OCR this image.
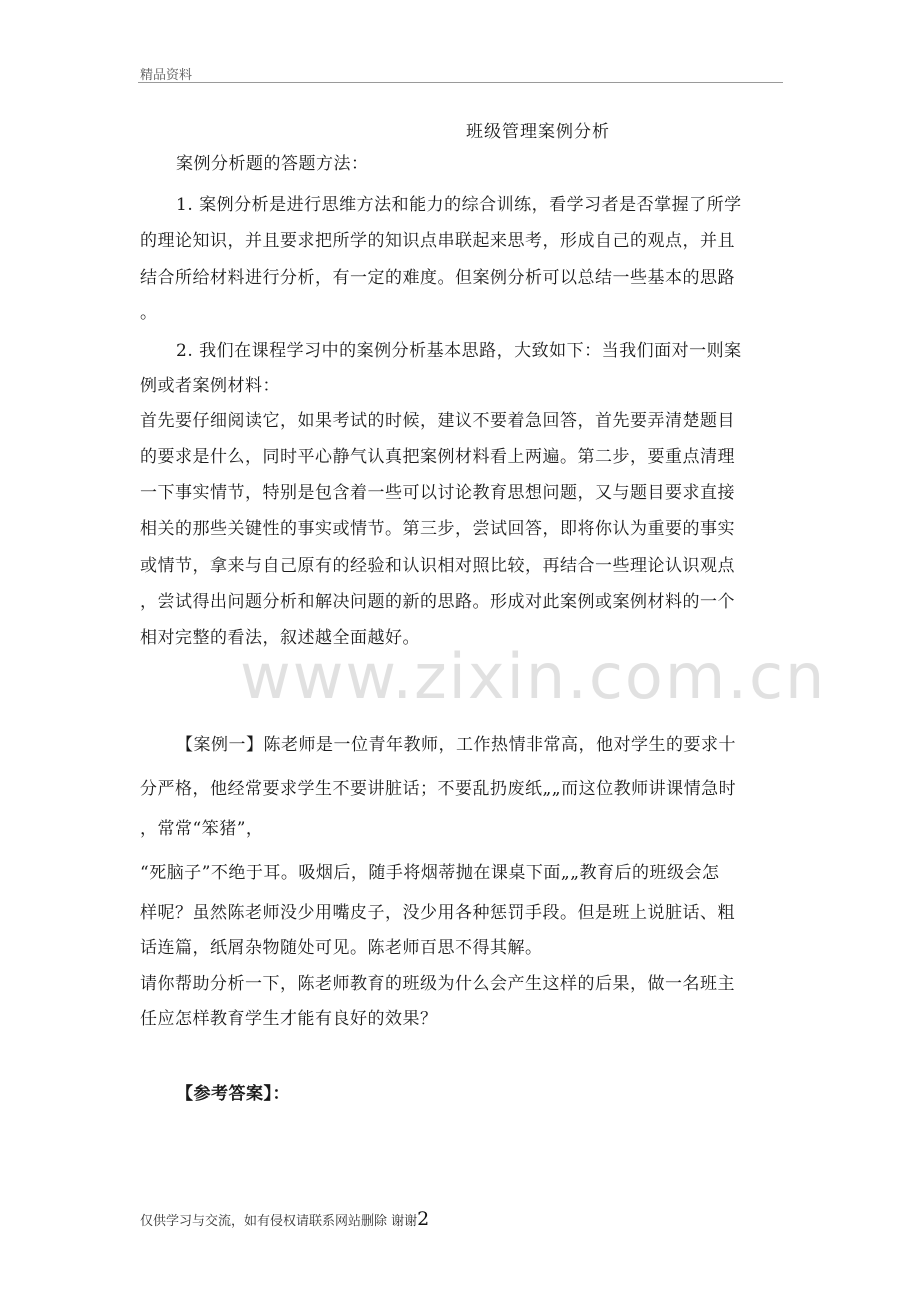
精品资料
班级管理案例分析
案例分析题的答题方法：
1. 案例分析是进行思维方法和能力的综合训练，看学习者是否掌握了所学
的理论知识，并且要求把所学的知识点串联起来思考，形成自己的观点，并且
结合所给材料进行分析，有一定的难度。但案例分析可以总结一些基本的思路
。
2. 我们在课程学习中的案例分析基本思路，大致如下：当我们面对一则案
例或者案例材料：
首先要仔细阅读它，如果考试的时候，建议不要着急回答，首先要弄清楚题目
的要求是什么，同时平心静气认真把案例材料看上两遍。第二步，要重点清理
一下事实情节，特别是包含着一些可以讨论教育思想问题，又与题目要求直接
相关的那些关键性的事实或情节。第三步，尝试回答，即将你认为重要的事实
或情节，拿来与自己原有的经验和认识相对照比较，再结合一些理论认识观点
，尝试得出问题分析和解决问题的新的思路。形成对此案例或案例材料的一个
相对完整的看法，叙述越全面越好。
www.zixin.com.cn
【案例一】陈老师是一位青年教师，工作热情非常高，他对学生的要求十
分严格，他经常要求学生不要讲脏话；不要乱扔废纸„„而这位教师讲课情急时
，常常“笨猪”，
“死脑子”不绝于耳。吸烟后，随手将烟蒂抛在课桌下面„„教育后的班级会怎
样呢？虽然陈老师没少用嘴皮子，没少用各种惩罚手段。但是班上说脏话、粗
话连篇，纸屑杂物随处可见。陈老师百思不得其解。
请你帮助分析一下，陈老师教育的班级为什么会产生这样的后果，做一名班主
任应怎样教育学生才能有良好的效果？
【参考答案】：
仅供学习与交流，如有侵权请联系网站删除 谢谢2
